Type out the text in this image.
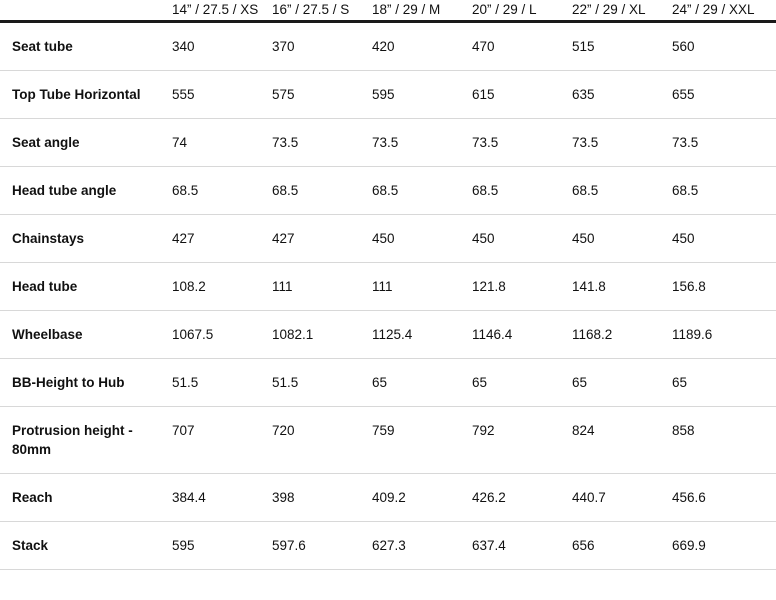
	14” / 27.5 / XS	16” / 27.5 / S	18” / 29 / M	20” / 29 / L	22” / 29 / XL	24” / 29 / XXL
Seat tube	340	370	420	470	515	560
Top Tube Horizontal	555	575	595	615	635	655
Seat angle	74	73.5	73.5	73.5	73.5	73.5
Head tube angle	68.5	68.5	68.5	68.5	68.5	68.5
Chainstays	427	427	450	450	450	450
Head tube	108.2	111	111	121.8	141.8	156.8
Wheelbase	1067.5	1082.1	1125.4	1146.4	1168.2	1189.6
BB-Height to Hub	51.5	51.5	65	65	65	65
Protrusion height - 80mm	707	720	759	792	824	858
Reach	384.4	398	409.2	426.2	440.7	456.6
Stack	595	597.6	627.3	637.4	656	669.9
